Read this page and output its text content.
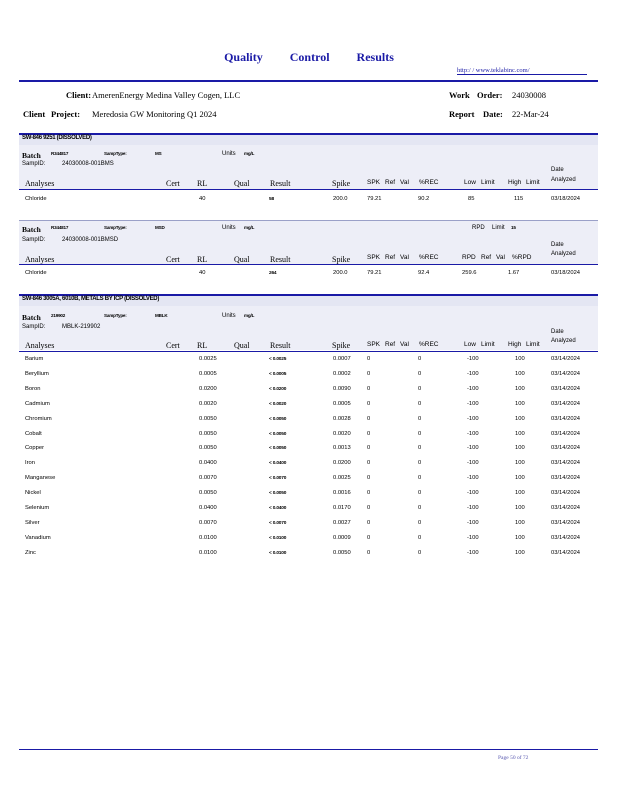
Quality Control Results
http:/ / www.teklabinc.com/
Client: AmerenEnergy Medina Valley Cogen, LLC	Work Order: 24030008
Client Project: Meredosia GW Monitoring Q1 2024	Report Date: 22-Mar-24
SW-846 9251 (DISSOLVED)
Batch R344817	SampType:	MS	Units mg/L
SampID:	24030008-001BMS
Date
Analyses	Cert RL	Qual	Result	Spike	SPK Ref Val %REC	Low Limit High Limit Analyzed
Chloride	40	58	200.0	79.21	90.2	85	115	03/18/2024
Batch R344817	SampType:	MSD	Units mg/L	RPD Limit 15
SampID:	24030008-001BMSD
Date
Analyses	Cert RL	Qual	Result	Spike	SPK Ref Val %REC	RPD Ref Val %RPD	Analyzed
Chloride	40	264	200.0	79.21	92.4	259.6	1.67	03/18/2024
SW-846 3005A, 6010B, METALS BY ICP (DISSOLVED)
Batch 219902	SampType:	MBLK	Units mg/L
SampID:	MBLK-219902
Date
Analyses	Cert RL	Qual	Result	Spike	SPK Ref Val %REC	Low Limit High Limit Analyzed
Barium	0.0025	< 0.0025	0.0007	0	0	-100	100	03/14/2024
Beryllium	0.0005	< 0.0005	0.0002	0	0	-100	100	03/14/2024
Boron	0.0200	< 0.0200	0.0090	0	0	-100	100	03/14/2024
Cadmium	0.0020	< 0.0020	0.0005	0	0	-100	100	03/14/2024
Chromium	0.0050	< 0.0050	0.0028	0	0	-100	100	03/14/2024
Cobalt	0.0050	< 0.0050	0.0020	0	0	-100	100	03/14/2024
Copper	0.0050	< 0.0050	0.0013	0	0	-100	100	03/14/2024
Iron	0.0400	< 0.0400	0.0200	0	0	-100	100	03/14/2024
Manganese	0.0070	< 0.0070	0.0025	0	0	-100	100	03/14/2024
Nickel	0.0050	< 0.0050	0.0016	0	0	-100	100	03/14/2024
Selenium	0.0400	< 0.0400	0.0170	0	0	-100	100	03/14/2024
Silver	0.0070	< 0.0070	0.0027	0	0	-100	100	03/14/2024
Vanadium	0.0100	< 0.0100	0.0009	0	0	-100	100	03/14/2024
Zinc	0.0100	< 0.0100	0.0050	0	0	-100	100	03/14/2024
Page 50 of 72
